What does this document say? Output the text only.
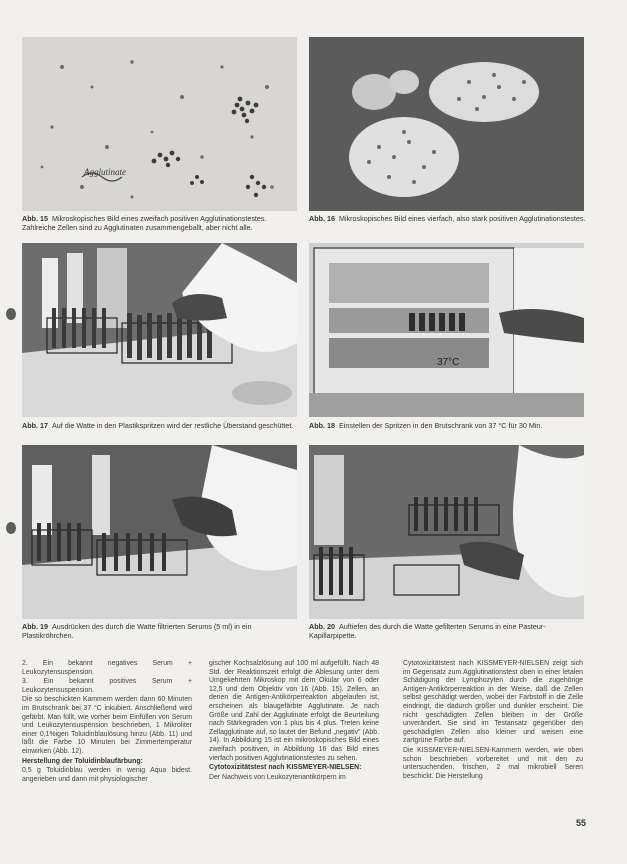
Agglutinate
Abb. 15 Mikroskopisches Bild eines zweifach positiven Agglutinationstestes. Zahlreiche Zellen sind zu Agglutinaten zusammengeballt, aber nicht alle.
Abb. 16 Mikroskopisches Bild eines vierfach, also stark positiven Agglutinationstestes.
37°C
Abb. 17 Auf die Watte in den Plastikspritzen wird der restliche Überstand geschüttet.	Abb. 18 Einstellen der Spritzen in den Brutschrank von 37 °C für 30 Min.
Abb. 19 Ausdrücken des durch die Watte filtrierten Serums (5 ml) in ein Plastikröhrchen.
Abb. 20 Auftiefen des durch die Watte gefilterten Serums in eine Pasteur-Kapillarpipette.

2. Ein bekannt negatives Serum + Leukozytensuspension.

3. Ein bekannt positives Serum + Leukozytensuspension.

Die so beschickten Kammern werden dann 60 Minuten im Brutschrank bei 37 °C inkubiert. Anschließend wird gefärbt. Man füllt, wie vorher beim Einfüllen von Serum und Leukozytensuspension beschrieben, 1 Mikroliter einer 0,1%igen Toluidinblaulösung hinzu (Abb. 11) und läßt die Farbe 10 Minuten bei Zimmertemperatur einwirken (Abb. 12).

Herstellung der Toluidinblaufärbung:

0,5 g Toluidinblau werden in wenig Aqua bidest. angerieben und dann mit physiologischer

gischer Kochsalzlösung auf 100 ml aufgefüllt. Nach 48 Std. der Reaktionszeit erfolgt die Ablesung unter dem Umgekehrten Mikroskop mit dem Okular von 6 oder 12,5 und dem Objektiv von 16 (Abb. 15). Zellen, an denen die Antigen-Antikörperreaktion abgelaufen ist, erscheinen als blaugefärbte Agglutinate. Je nach Größe und Zahl der Agglutinate erfolgt die Beurteilung nach Stärkegraden von 1 plus bis 4 plus. Treten keine Zellagglutinate auf, so lautet der Befund „negativ" (Abb. 14). In Abbildung 15 ist ein mikroskopisches Bild eines zweifach positiven, in Abbildung 16 das Bild eines vierfach positiven Agglutinationstestes zu sehen.

Cytotoxizitätstest nach KISSMEYER-NIELSEN:

Der Nachweis von Leukozytenantikörpern im

Cytotoxizitätstest nach KISSMEYER-NIELSEN zeigt sich im Gegensatz zum Agglutinationstest oben in einer letalen Schädigung der Lymphozyten durch die zugehörige Antigen-Antikörperreaktion in der Weise, daß die Zellen selbst geschädigt werden, wobei der Farbstoff in die Zelle eindringt, die dadurch größer und dunkler erscheint. Die nicht geschädigten Zellen bleiben in der Größe unverändert. Sie sind im Testansatz gegenüber den geschädigten Zellen also kleiner und weisen eine zartgrüne Farbe auf.

Die KISSMEYER-NIELSEN-Kammern werden, wie oben schon beschrieben vorbereitet und mit den zu untersuchenden, frischen, 2 mal mikrobiell Seren beschickt. Die Herstellung

55
